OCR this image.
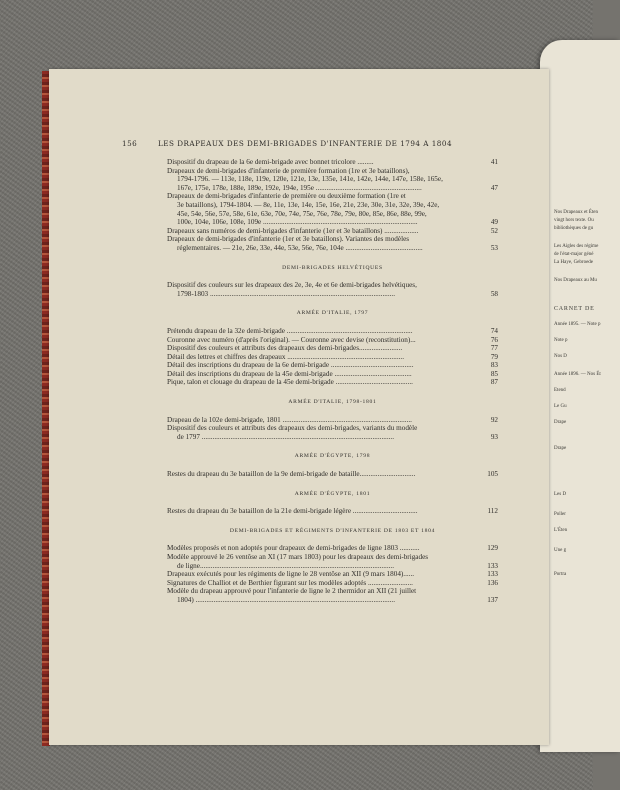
Nos Drapeaux et Éten
vingt hors texte. Ou
bibliothèques de gu
Les Aigles des régime
de l'état-major géné
La Haye, Gebroede
Nos Drapeaux au Mu
CARNET DE
Année 1895. — Note p
Note p
Nos D
Année 1896. — Nos Ét
Etend
Le Gu
Drape
Drape
Les D
Poller
L'Éten
Une g
Portra
156	LES DRAPEAUX DES DEMI-BRIGADES D'INFANTERIE DE 1794 A 1804
Dispositif du drapeau de la 6e demi-brigade avec bonnet tricolore .........	41
Drapeaux de demi-brigades d'infanterie de première formation (1re et 3e bataillons),
1794-1796. — 113e, 118e, 119e, 120e, 121e, 13e, 135e, 141e, 142e, 144e, 147e, 158e, 165e,
167e, 175e, 178e, 188e, 189e, 192e, 194e, 195e ...........................................................	47
Drapeaux de demi-brigades d'infanterie de première ou deuxième formation (1re et
3e bataillons), 1794-1804. — 8e, 11e, 13e, 14e, 15e, 16e, 21e, 23e, 30e, 31e, 32e, 39e, 42e,
45e, 54e, 56e, 57e, 58e, 61e, 63e, 70e, 74e, 75e, 76e, 78e, 79e, 80e, 85e, 86e, 88e, 99e,
100e, 104e, 106e, 108e, 109e ......................................................................................	49
Drapeaux sans numéros de demi-brigades d'infanterie (1er et 3e bataillons) ...................	52
Drapeaux de demi-brigades d'infanterie (1er et 3e bataillons). Variantes des modèles
réglementaires. — 21e, 26e, 33e, 44e, 53e, 56e, 76e, 104e ...........................................	53
DEMI-BRIGADES HELVÉTIQUES
Dispositif des couleurs sur les drapeaux des 2e, 3e, 4e et 6e demi-brigades helvétiques,
1798-1803 .......................................................................................................	58
ARMÉE D'ITALIE, 1797
Prétendu drapeau de la 32e demi-brigade ......................................................................	74
Couronne avec numéro (d'après l'original). — Couronne avec devise (reconstitution)...	76
Dispositif des couleurs et attributs des drapeaux des demi-brigades........................	77
Détail des lettres et chiffres des drapeaux .................................................................	79
Détail des inscriptions du drapeau de la 6e demi-brigade ..............................................	83
Détail des inscriptions du drapeau de la 45e demi-brigade ...........................................	85
Pique, talon et clouage du drapeau de la 45e demi-brigade ...........................................	87
ARMÉE D'ITALIE, 1798-1801
Drapeau de la 102e demi-brigade, 1801 ........................................................................	92
Dispositif des couleurs et attributs des drapeaux des demi-brigades, variants du modèle
de 1797 ...........................................................................................................	93
ARMÉE D'ÉGYPTE, 1798
Restes du drapeau du 3e bataillon de la 9e demi-brigade de bataille...............................	105
ARMÉE D'ÉGYPTE, 1801
Restes du drapeau du 3e bataillon de la 21e demi-brigade légère ....................................	112
DEMI-BRIGADES ET RÉGIMENTS D'INFANTERIE DE 1803 ET 1804
Modèles proposés et non adoptés pour drapeaux de demi-brigades de ligne 1803 ...........	129
Modèle approuvé le 26 ventôse an XI (17 mars 1803) pour les drapeaux des demi-brigades
de ligne............................................................................................................	133
Drapeaux exécutés pour les régiments de ligne le 28 ventôse an XII (9 mars 1804)......	133
Signatures de Challiot et de Berthier figurant sur les modèles adoptés .........................	136
Modèle du drapeau approuvé pour l'infanterie de ligne le 2 thermidor an XII (21 juillet
1804) ...............................................................................................................	137
